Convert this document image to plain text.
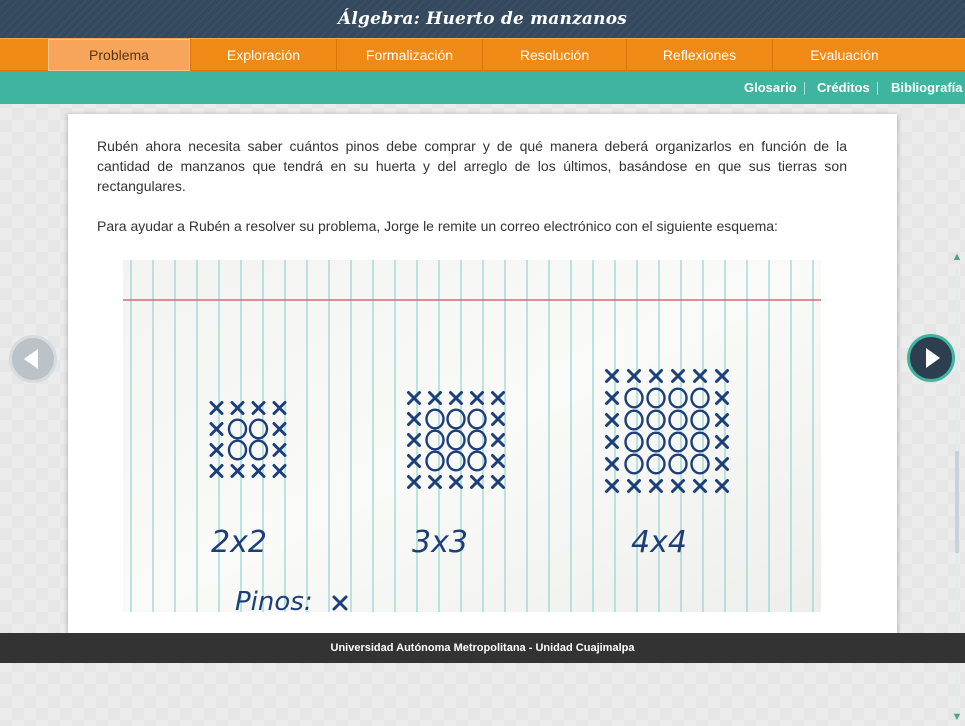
Álgebra: Huerto de manzanos
Problema	Exploración	Formalización	Resolución	Reflexiones	Evaluación
Glosario Créditos Bibliografía

Rubén ahora necesita saber cuántos pinos debe comprar y de qué manera deberá organizarlos en función de la cantidad de manzanos que tendrá en su huerta y del arreglo de los últimos, basándose en que sus tierras son rectangulares.

Para ayudar a Rubén a resolver su problema, Jorge le remite un correo electrónico con el siguiente esquema:

2x2	3x3	4x4
Pinos:
▲
▼
Universidad Autónoma Metropolitana - Unidad Cuajimalpa
